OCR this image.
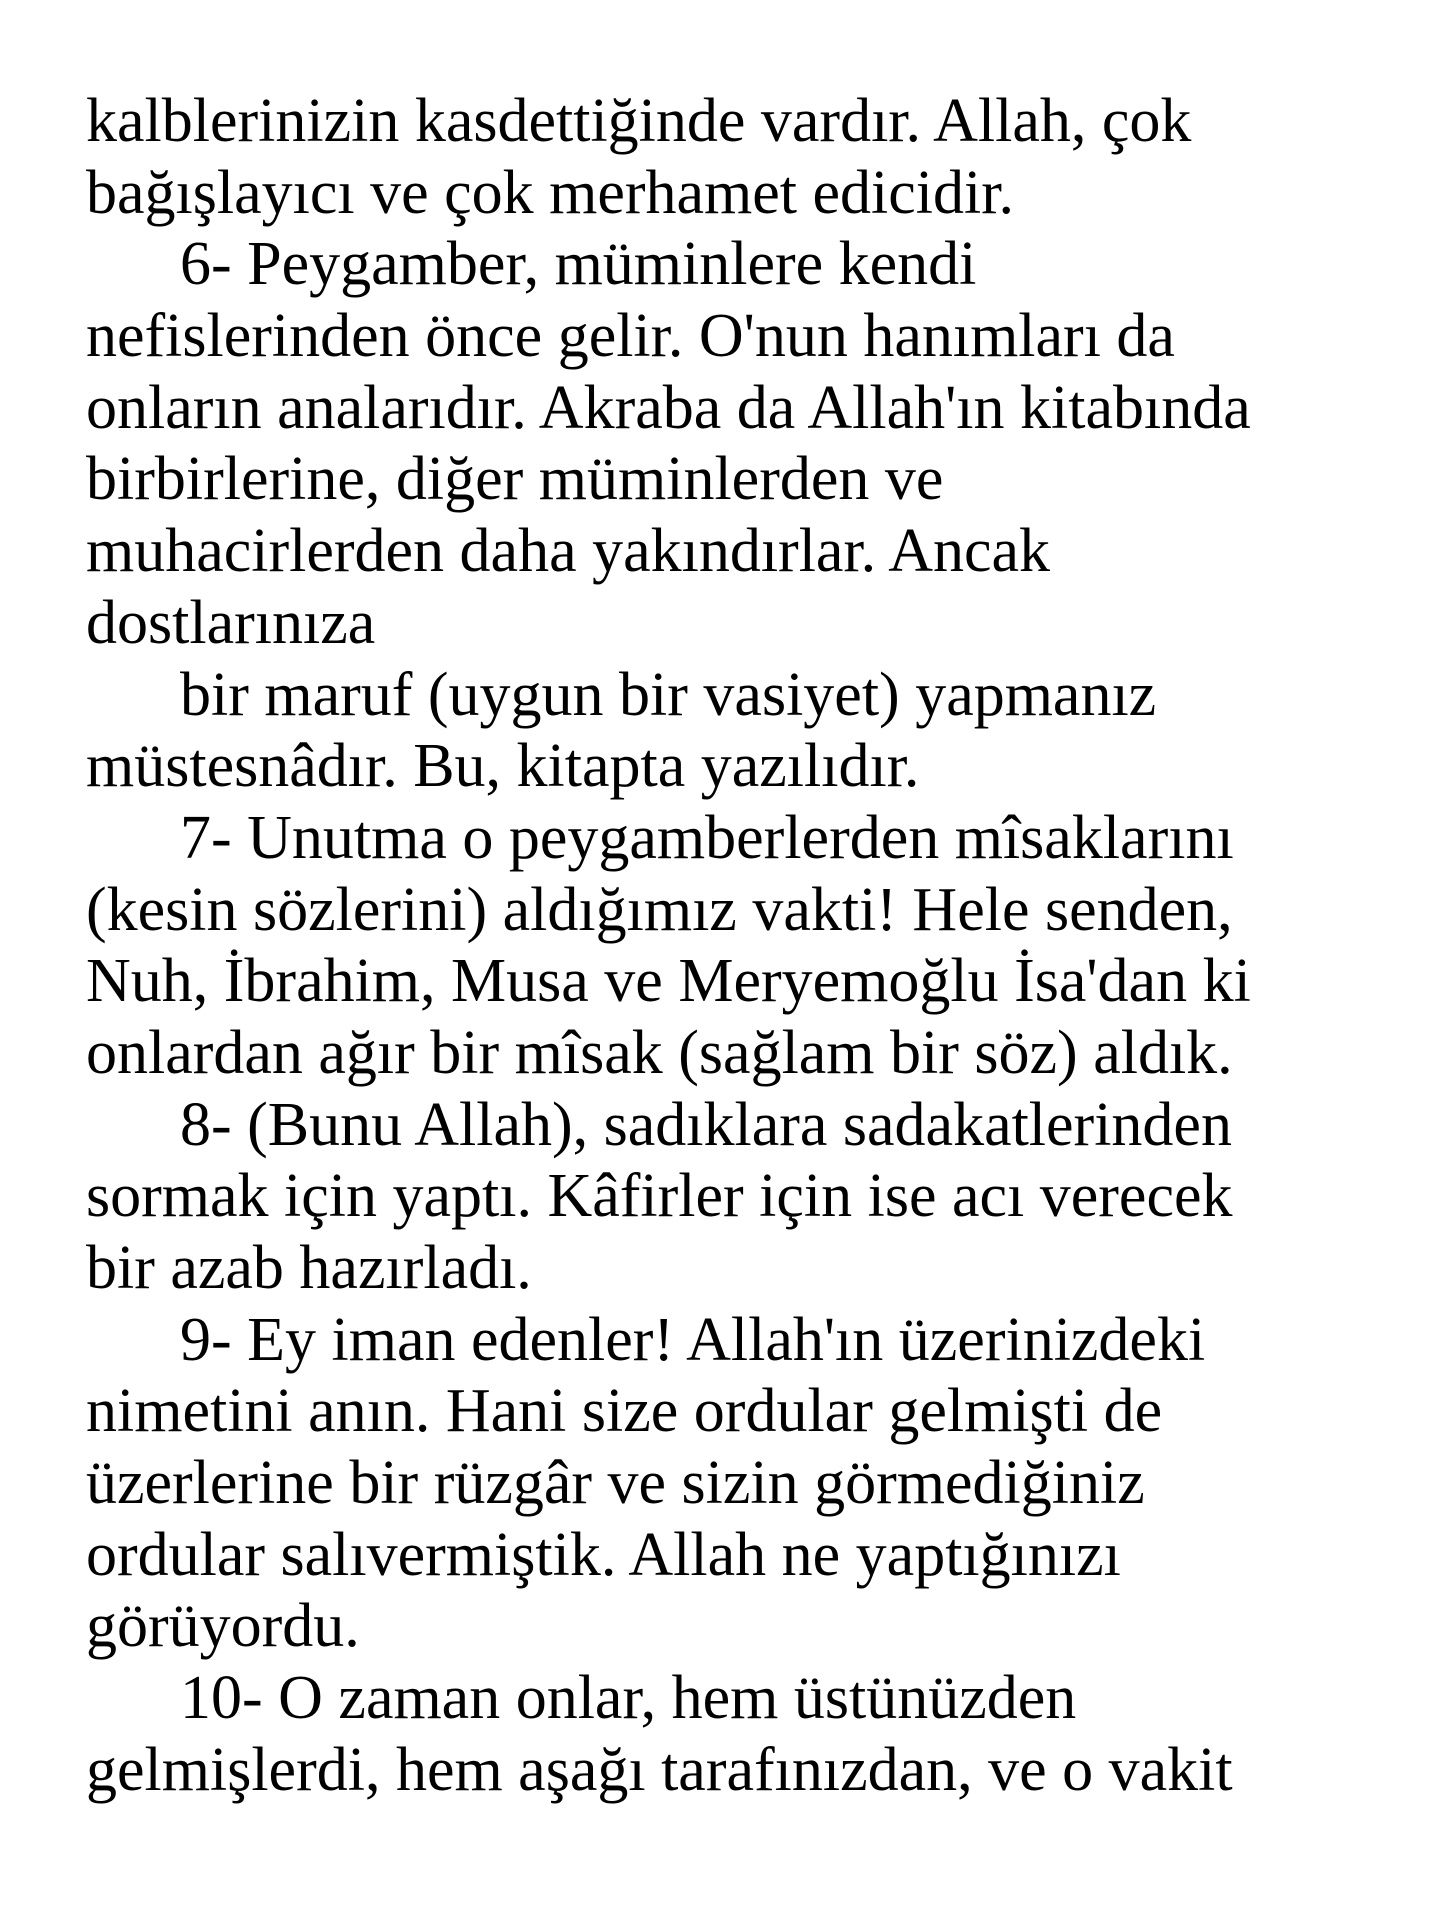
kalblerinizin kasdettiğinde vardır. Allah, çok
bağışlayıcı ve çok merhamet edicidir.
6- Peygamber, müminlere kendi
nefislerinden önce gelir. O'nun hanımları da
onların analarıdır. Akraba da Allah'ın kitabında
birbirlerine, diğer müminlerden ve
muhacirlerden daha yakındırlar. Ancak
dostlarınıza
bir maruf (uygun bir vasiyet) yapmanız
müstesnâdır. Bu, kitapta yazılıdır.
7- Unutma o peygamberlerden mîsaklarını
(kesin sözlerini) aldığımız vakti! Hele senden,
Nuh, İbrahim, Musa ve Meryemoğlu İsa'dan ki
onlardan ağır bir mîsak (sağlam bir söz) aldık.
8- (Bunu Allah), sadıklara sadakatlerinden
sormak için yaptı. Kâfirler için ise acı verecek
bir azab hazırladı.
9- Ey iman edenler! Allah'ın üzerinizdeki
nimetini anın. Hani size ordular gelmişti de
üzerlerine bir rüzgâr ve sizin görmediğiniz
ordular salıvermiştik. Allah ne yaptığınızı
görüyordu.
10- O zaman onlar, hem üstünüzden
gelmişlerdi, hem aşağı tarafınızdan, ve o vakit
